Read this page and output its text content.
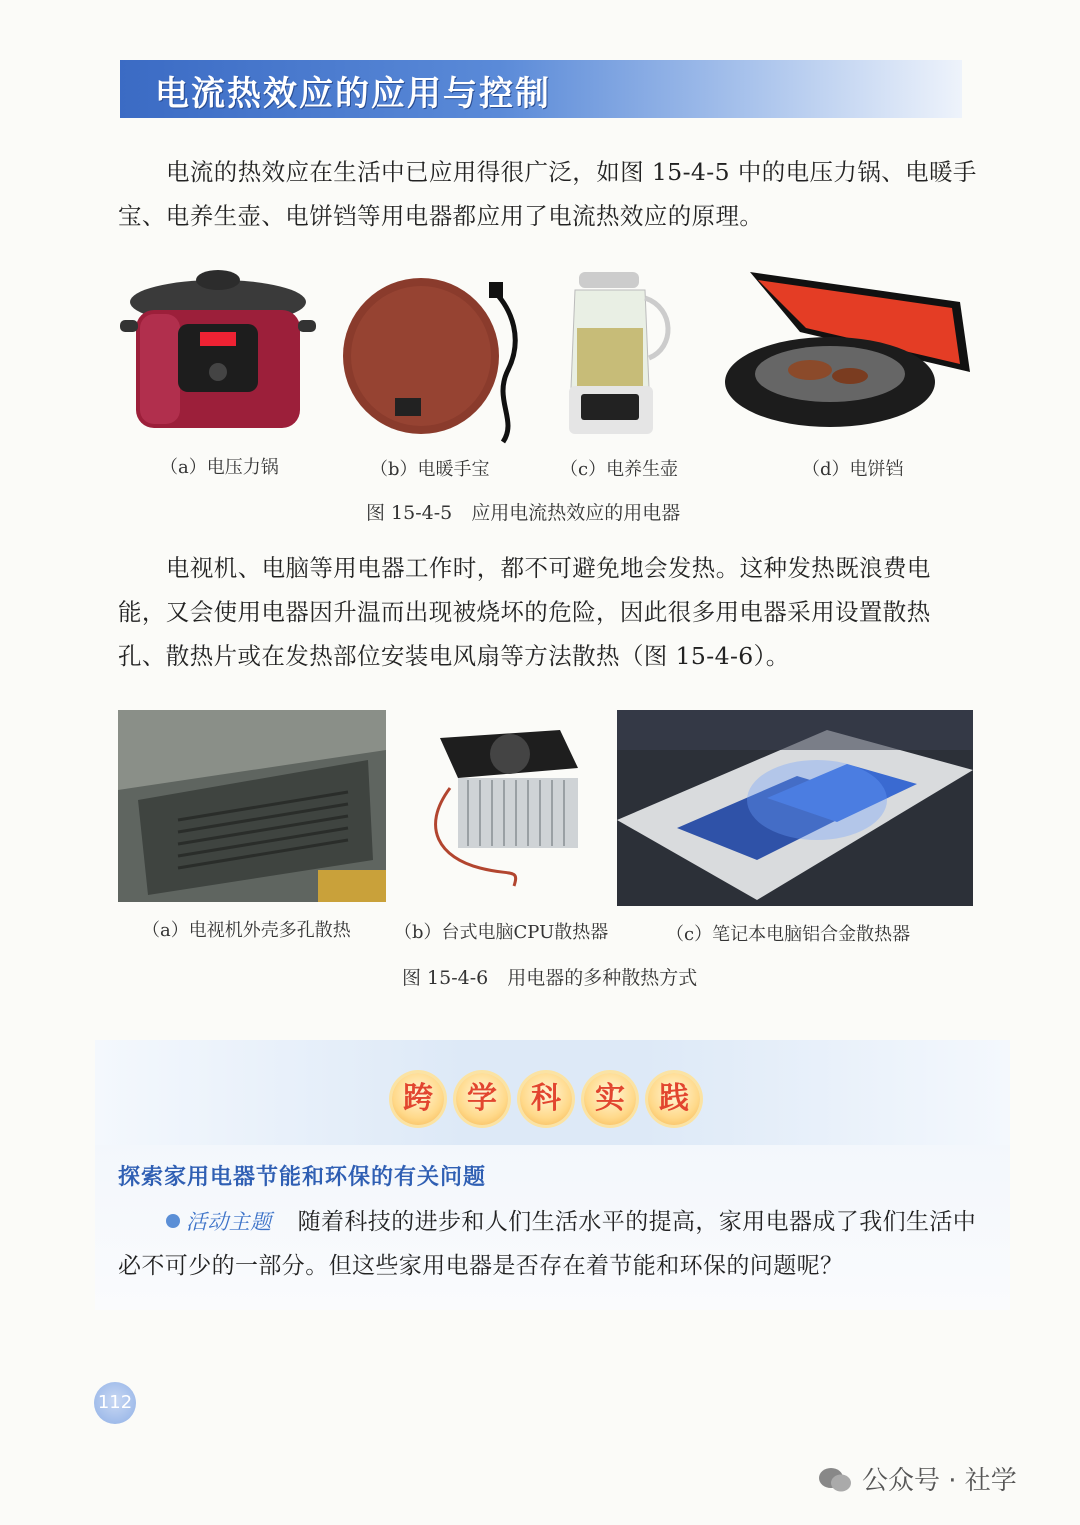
电流热效应的应用与控制

电流的热效应在生活中已应用得很广泛，如图 15-4-5 中的电压力锅、电暖手宝、电养生壶、电饼铛等用电器都应用了电流热效应的原理。

（a）电压力锅	（b）电暖手宝	（c）电养生壶	（d）电饼铛
图 15-4-5　应用电流热效应的用电器

电视机、电脑等用电器工作时，都不可避免地会发热。这种发热既浪费电能，又会使用电器因升温而出现被烧坏的危险，因此很多用电器采用设置散热孔、散热片或在发热部位安装电风扇等方法散热（图 15-4-6）。

（a）电视机外壳多孔散热 （b）台式电脑CPU散热器	（c）笔记本电脑铝合金散热器
图 15-4-6　用电器的多种散热方式
跨	学	科	实	践
探索家用电器节能和环保的有关问题
活动主题 随着科技的进步和人们生活水平的提高，家用电器成了我们生活中必不可少的一部分。但这些家用电器是否存在着节能和环保的问题呢？
112
公众号 · 社学
